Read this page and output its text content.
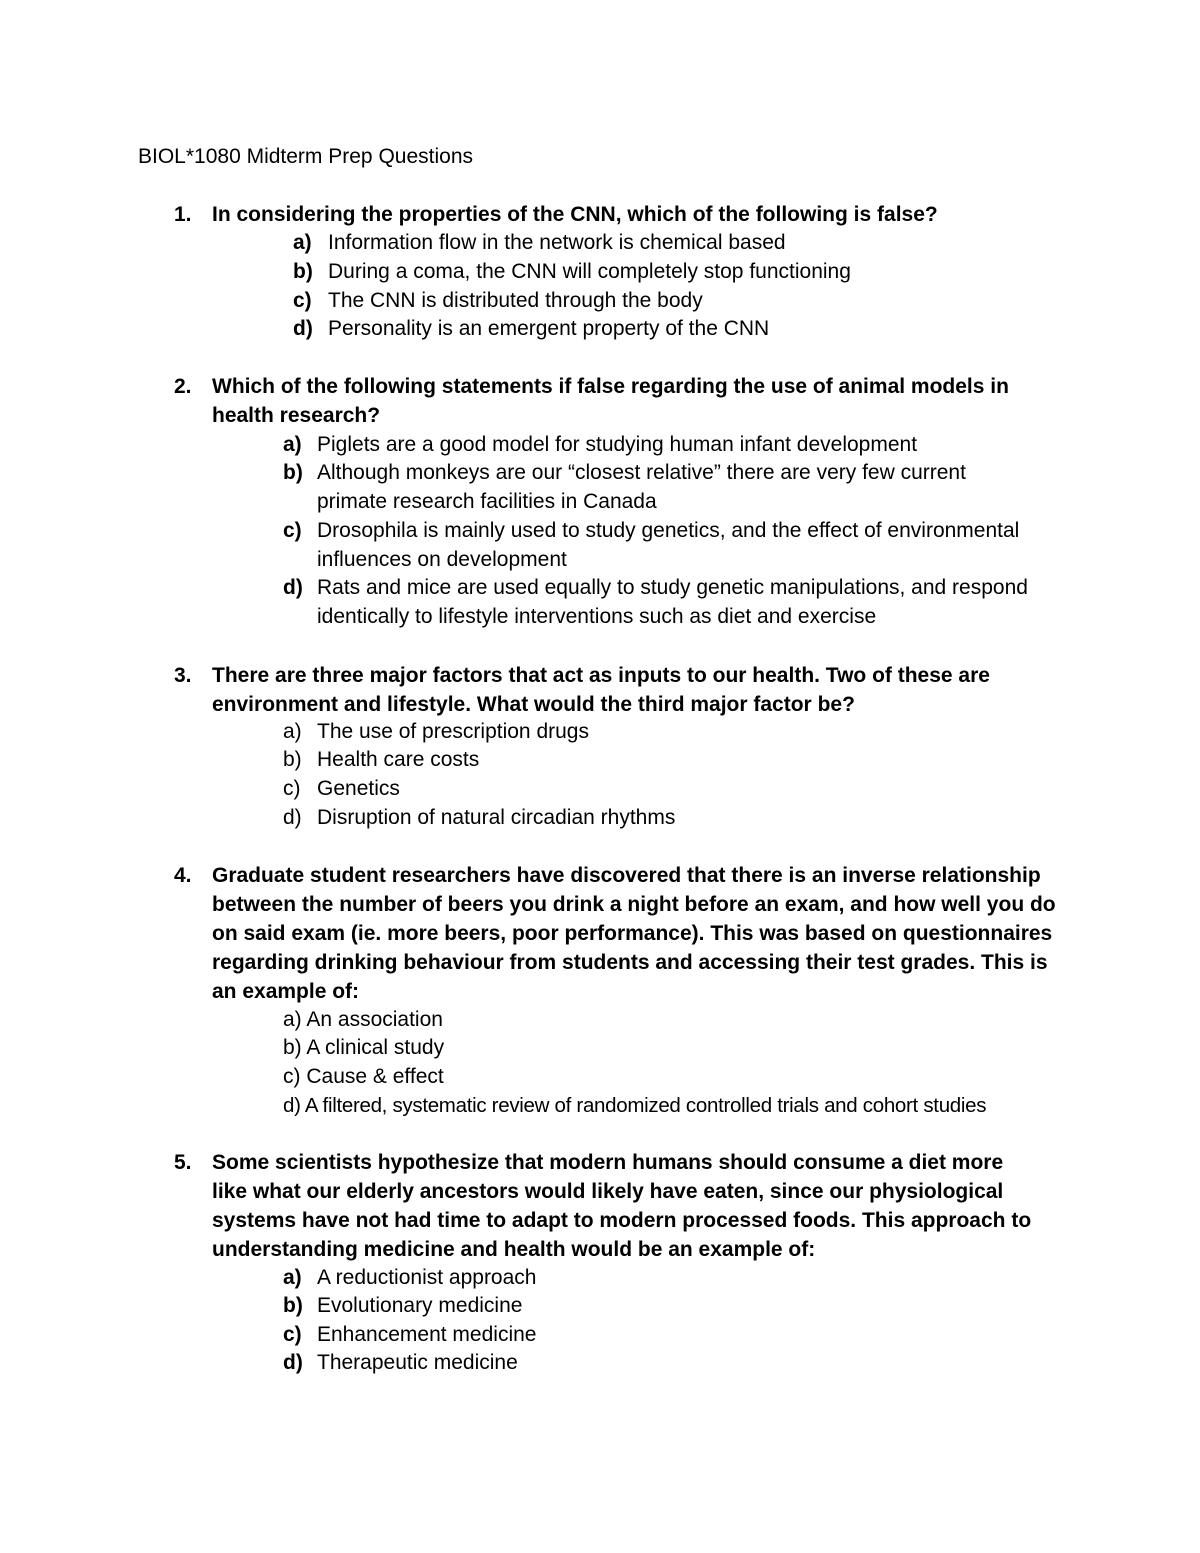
BIOL*1080 Midterm Prep Questions
1. In considering the properties of the CNN, which of the following is false?
a) Information flow in the network is chemical based
b) During a coma, the CNN will completely stop functioning
c) The CNN is distributed through the body
d) Personality is an emergent property of the CNN
2. Which of the following statements if false regarding the use of animal models in health research?
a) Piglets are a good model for studying human infant development
b) Although monkeys are our “closest relative” there are very few current primate research facilities in Canada
c) Drosophila is mainly used to study genetics, and the effect of environmental influences on development
d) Rats and mice are used equally to study genetic manipulations, and respond identically to lifestyle interventions such as diet and exercise
3. There are three major factors that act as inputs to our health. Two of these are environment and lifestyle. What would the third major factor be?
a) The use of prescription drugs
b) Health care costs
c) Genetics
d) Disruption of natural circadian rhythms
4. Graduate student researchers have discovered that there is an inverse relationship between the number of beers you drink a night before an exam, and how well you do on said exam (ie. more beers, poor performance). This was based on questionnaires regarding drinking behaviour from students and accessing their test grades. This is an example of:
a) An association
b) A clinical study
c) Cause & effect
d) A filtered, systematic review of randomized controlled trials and cohort studies
5. Some scientists hypothesize that modern humans should consume a diet more like what our elderly ancestors would likely have eaten, since our physiological systems have not had time to adapt to modern processed foods. This approach to understanding medicine and health would be an example of:
a) A reductionist approach
b) Evolutionary medicine
c) Enhancement medicine
d) Therapeutic medicine
